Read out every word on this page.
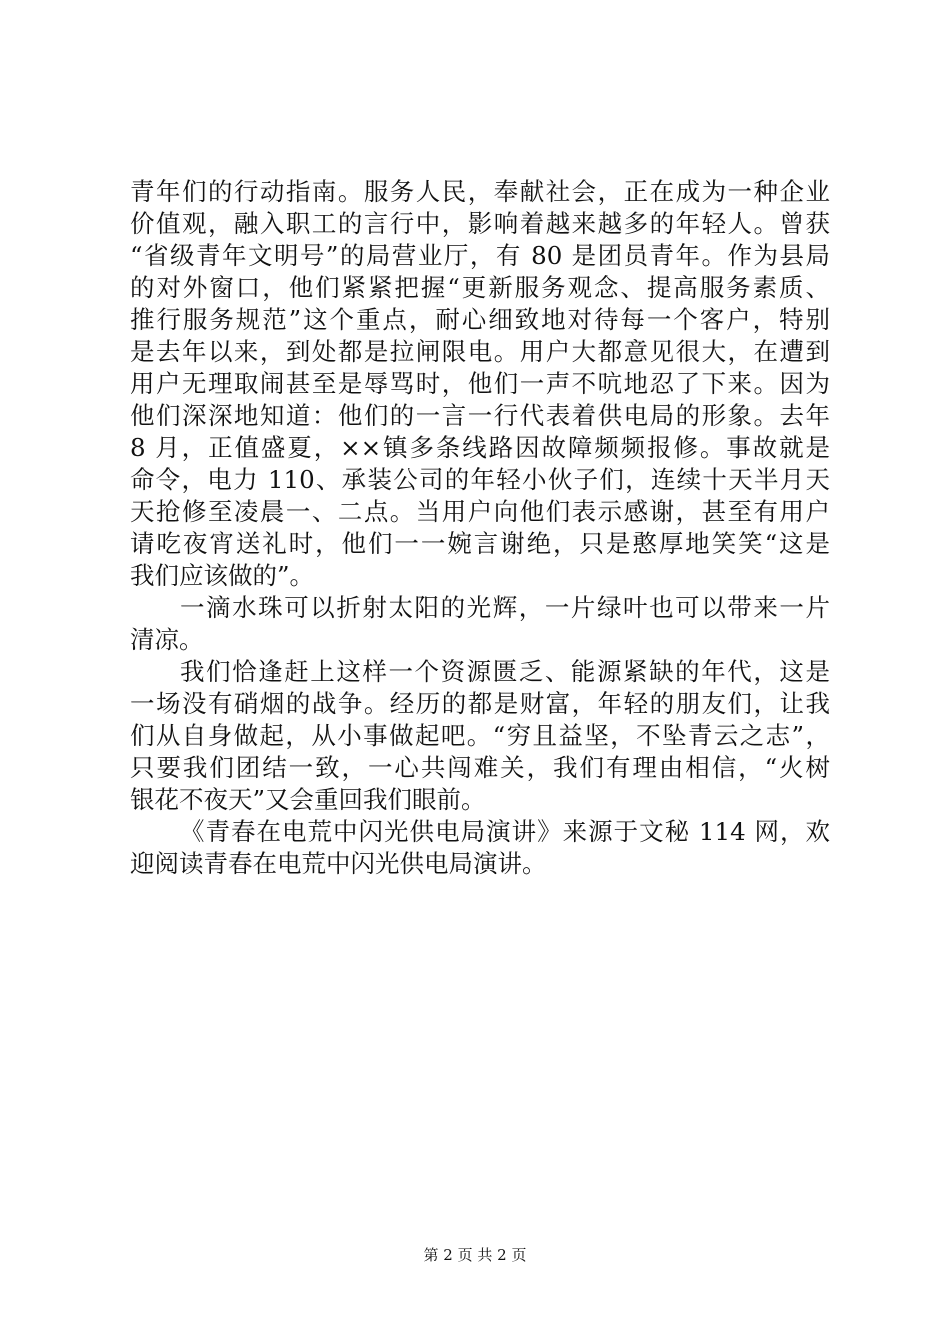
青年们的行动指南。服务人民，奉献社会，正在成为一种企业
价值观，融入职工的言行中，影响着越来越多的年轻人。曾获
“省级青年文明号”的局营业厅，有 80 是团员青年。作为县局
的对外窗口，他们紧紧把握“更新服务观念、提高服务素质、
推行服务规范”这个重点，耐心细致地对待每一个客户，特别
是去年以来，到处都是拉闸限电。用户大都意见很大，在遭到
用户无理取闹甚至是辱骂时，他们一声不吭地忍了下来。因为
他们深深地知道：他们的一言一行代表着供电局的形象。去年
8 月，正值盛夏，××镇多条线路因故障频频报修。事故就是
命令，电力 110、承装公司的年轻小伙子们，连续十天半月天
天抢修至凌晨一、二点。当用户向他们表示感谢，甚至有用户
请吃夜宵送礼时，他们一一婉言谢绝，只是憨厚地笑笑“这是
我们应该做的”。
一滴水珠可以折射太阳的光辉，一片绿叶也可以带来一片
清凉。
我们恰逢赶上这样一个资源匮乏、能源紧缺的年代，这是
一场没有硝烟的战争。经历的都是财富，年轻的朋友们，让我
们从自身做起，从小事做起吧。“穷且益坚，不坠青云之志”，
只要我们团结一致，一心共闯难关，我们有理由相信，“火树
银花不夜天”又会重回我们眼前。
《青春在电荒中闪光供电局演讲》来源于文秘 114 网，欢
迎阅读青春在电荒中闪光供电局演讲。
第 2 页 共 2 页
